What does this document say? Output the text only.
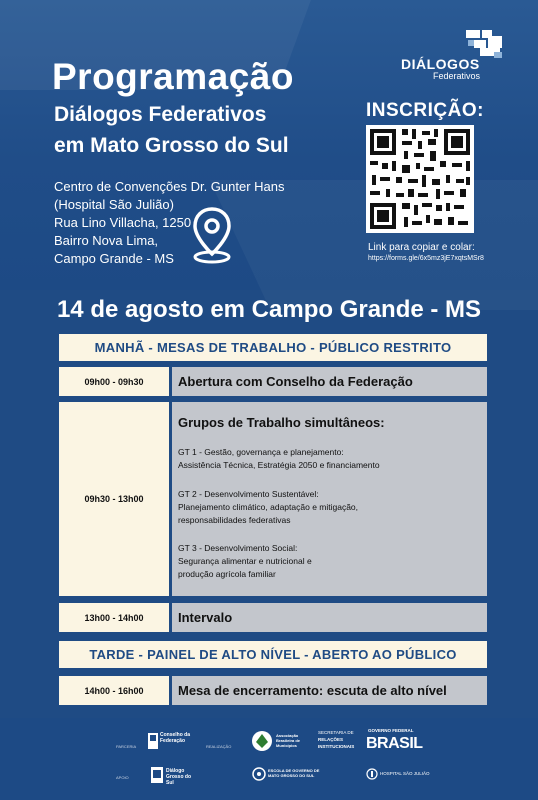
Programação
Diálogos Federativos
em Mato Grosso do Sul
Centro de Convenções Dr. Gunter Hans
(Hospital São Julião)
Rua Lino Villacha, 1250
Bairro Nova Lima,
Campo Grande - MS
DIÁLOGOS
Federativos
INSCRIÇÃO:
Link para copiar e colar:
https://forms.gle/6x5mz3jE7xqtsMSr8
14 de agosto em Campo Grande - MS
MANHÃ - MESAS DE TRABALHO - PÚBLICO RESTRITO
09h00 - 09h30	Abertura com Conselho da Federação
09h30 - 13h00
Grupos de Trabalho simultâneos:
GT 1 - Gestão, governança e planejamento:
Assistência Técnica, Estratégia 2050 e financiamento
GT 2 - Desenvolvimento Sustentável:
Planejamento climático, adaptação e mitigação,
responsabilidades federativas
GT 3 - Desenvolvimento Social:
Segurança alimentar e nutricional e
produção agrícola familiar
13h00 - 14h00	Intervalo
TARDE - PAINEL DE ALTO NÍVEL - ABERTO AO PÚBLICO
14h00 - 16h00	Mesa de encerramento: escuta de alto nível
PARCERIA
Conselho da Federação
REALIZAÇÃO
Associação Brasileira de Municípios
SECRETARIA DE
RELAÇÕES
INSTITUCIONAIS
GOVERNO FEDERAL
BRASIL
APOIO
Diálogo Grosso do Sul
ESCOLA DE GOVERNO DE MATO GROSSO DO SUL	HOSPITAL SÃO JULIÃO
